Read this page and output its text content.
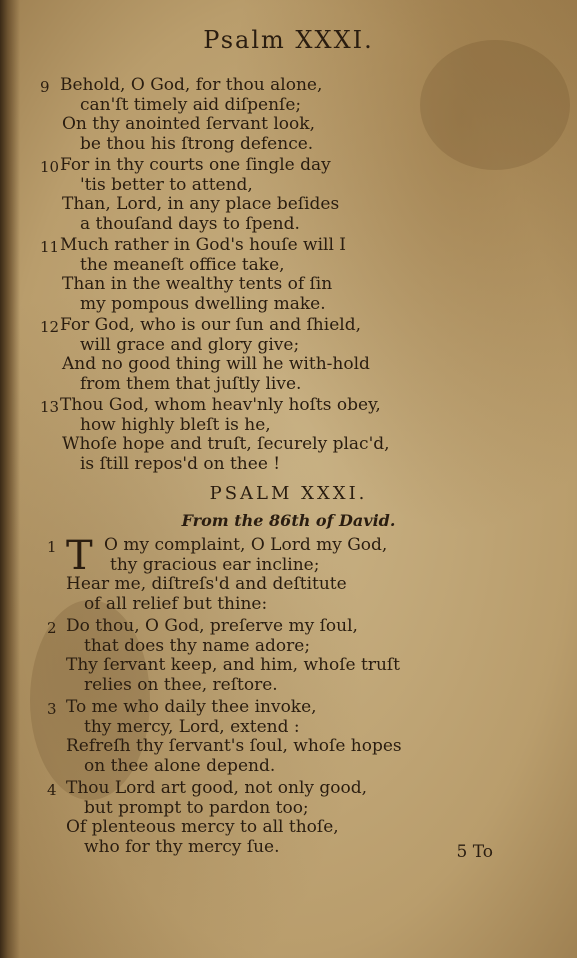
Psalm XXXI.
9 Behold, O God, for thou alone,
can'ſt timely aid diſpenſe;
On thy anointed ſervant look,
be thou his ſtrong defence.
10 For in thy courts one ſingle day
'tis better to attend,
Than, Lord, in any place beſides
a thouſand days to ſpend.
11 Much rather in God's houſe will I
the meaneſt office take,
Than in the wealthy tents of ſin
my pompous dwelling make.
12 For God, who is our ſun and ſhield,
will grace and glory give;
And no good thing will he with-hold
from them that juſtly live.
13 Thou God, whom heav'nly hoſts obey,
how highly bleſt is he,
Whoſe hope and truſt, ſecurely plac'd,
is ſtill repos'd on thee !
PSALM XXXI.
From the 86th of David.
T
1	O my complaint, O Lord my God,
thy gracious ear incline;
Hear me, diſtreſs'd and deſtitute
of all relief but thine:
2 Do thou, O God, preſerve my ſoul,
that does thy name adore;
Thy ſervant keep, and him, whoſe truſt
relies on thee, reſtore.
3 To me who daily thee invoke,
thy mercy, Lord, extend :
Refreſh thy ſervant's ſoul, whoſe hopes
on thee alone depend.
4 Thou Lord art good, not only good,
but prompt to pardon too;
Of plenteous mercy to all thoſe,
who for thy mercy ſue.	5 To
